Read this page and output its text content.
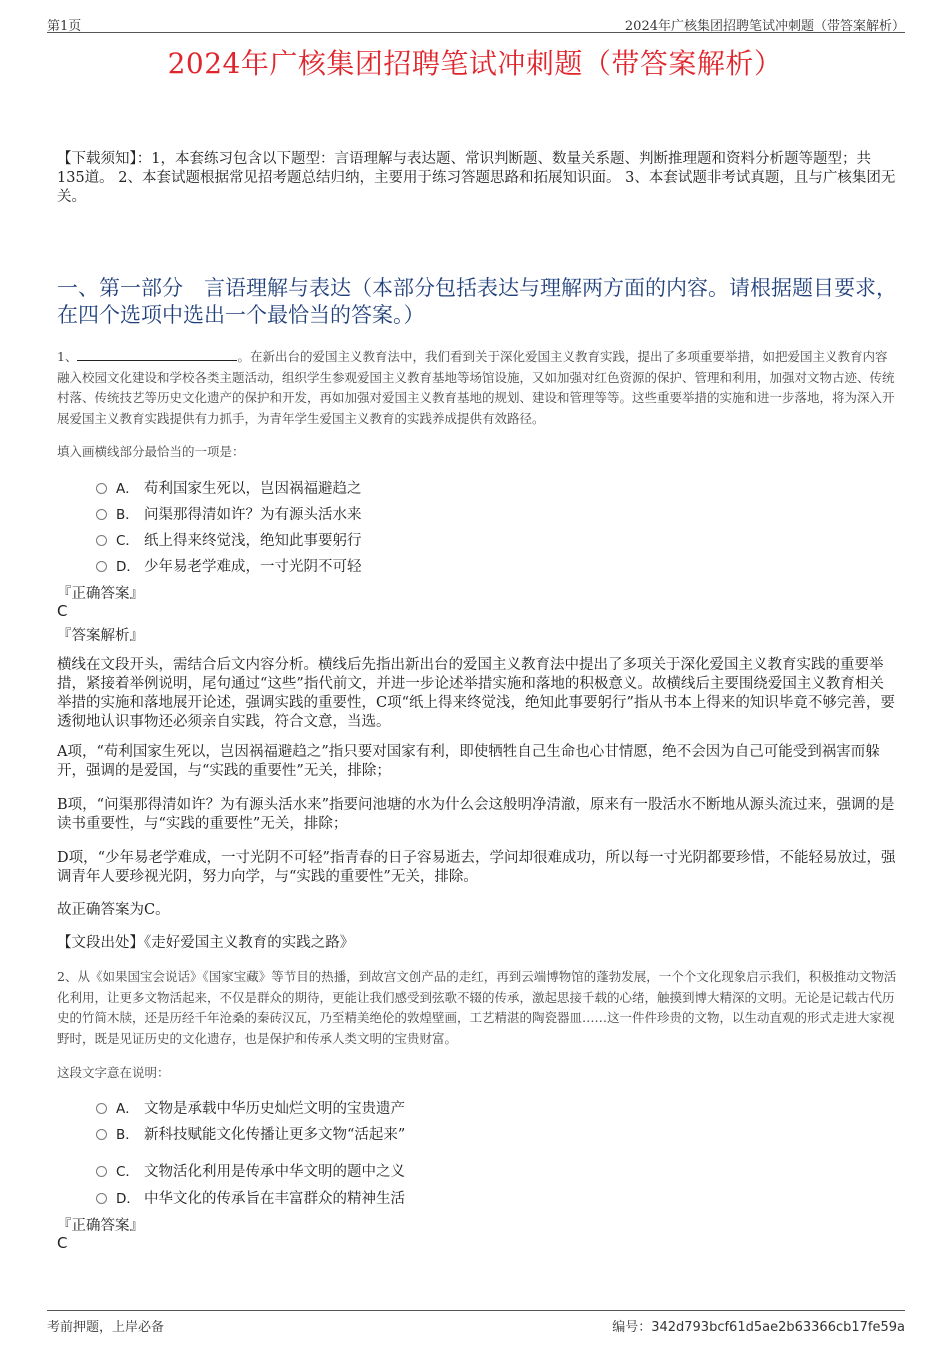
第1页	2024年广核集团招聘笔试冲刺题（带答案解析）
2024年广核集团招聘笔试冲刺题（带答案解析）
【下载须知】：1，本套练习包含以下题型：言语理解与表达题、常识判断题、数量关系题、判断推理题和资料分析题等题型；共135道。 2、本套试题根据常见招考题总结归纳，主要用于练习答题思路和拓展知识面。 3、本套试题非考试真题，且与广核集团无关。
一、第一部分　言语理解与表达（本部分包括表达与理解两方面的内容。请根据题目要求，在四个选项中选出一个最恰当的答案。）
1、	。在新出台的爱国主义教育法中，我们看到关于深化爱国主义教育实践，提出了多项重要举措，如把爱国主义教育内容融入校园文化建设和学校各类主题活动，组织学生参观爱国主义教育基地等场馆设施，又如加强对红色资源的保护、管理和利用，加强对文物古迹、传统村落、传统技艺等历史文化遗产的保护和开发，再如加强对爱国主义教育基地的规划、建设和管理等等。这些重要举措的实施和进一步落地，将为深入开展爱国主义教育实践提供有力抓手，为青年学生爱国主义教育的实践养成提供有效路径。
填入画横线部分最恰当的一项是：
A． 苟利国家生死以，岂因祸福避趋之
B． 问渠那得清如许？为有源头活水来
C． 纸上得来终觉浅，绝知此事要躬行
D． 少年易老学难成，一寸光阴不可轻
『正确答案』
C
『答案解析』
横线在文段开头，需结合后文内容分析。横线后先指出新出台的爱国主义教育法中提出了多项关于深化爱国主义教育实践的重要举措，紧接着举例说明，尾句通过“这些”指代前文，并进一步论述举措实施和落地的积极意义。故横线后主要围绕爱国主义教育相关举措的实施和落地展开论述，强调实践的重要性，C项“纸上得来终觉浅，绝知此事要躬行”指从书本上得来的知识毕竟不够完善，要透彻地认识事物还必须亲自实践，符合文意，当选。
A项，“苟利国家生死以，岂因祸福避趋之”指只要对国家有利，即使牺牲自己生命也心甘情愿，绝不会因为自己可能受到祸害而躲开，强调的是爱国，与“实践的重要性”无关，排除；
B项，“问渠那得清如许？为有源头活水来”指要问池塘的水为什么会这般明净清澈，原来有一股活水不断地从源头流过来，强调的是读书重要性，与“实践的重要性”无关，排除；
D项，“少年易老学难成，一寸光阴不可轻”指青春的日子容易逝去，学问却很难成功，所以每一寸光阴都要珍惜，不能轻易放过，强调青年人要珍视光阴，努力向学，与“实践的重要性”无关，排除。
故正确答案为C。
【文段出处】《走好爱国主义教育的实践之路》
2、从《如果国宝会说话》《国家宝藏》等节目的热播，到故宫文创产品的走红，再到云端博物馆的蓬勃发展，一个个文化现象启示我们，积极推动文物活化利用，让更多文物活起来，不仅是群众的期待，更能让我们感受到弦歌不辍的传承，激起思接千载的心绪，触摸到博大精深的文明。无论是记载古代历史的竹简木牍，还是历经千年沧桑的秦砖汉瓦，乃至精美绝伦的敦煌壁画，工艺精湛的陶瓷器皿……这一件件珍贵的文物，以生动直观的形式走进大家视野时，既是见证历史的文化遗存，也是保护和传承人类文明的宝贵财富。
这段文字意在说明：
A． 文物是承载中华历史灿烂文明的宝贵遗产
B． 新科技赋能文化传播让更多文物“活起来”
C． 文物活化利用是传承中华文明的题中之义
D． 中华文化的传承旨在丰富群众的精神生活
『正确答案』
C
考前押题，上岸必备	编号：342d793bcf61d5ae2b63366cb17fe59a
